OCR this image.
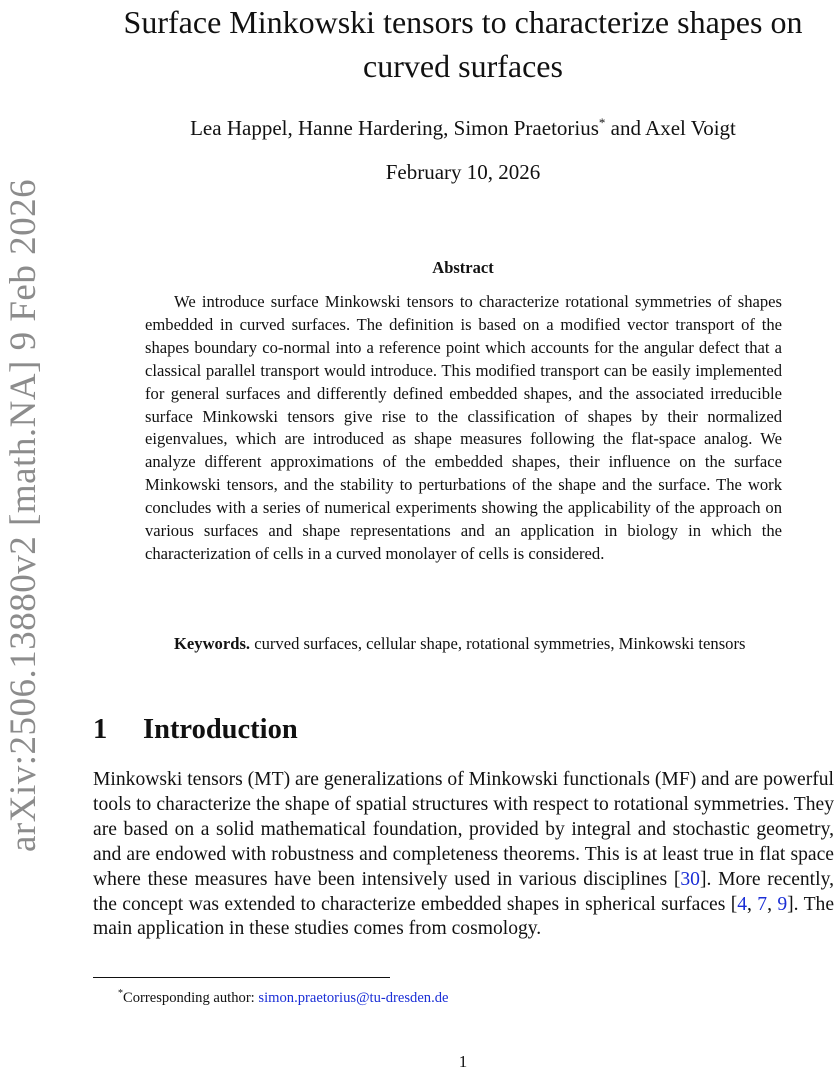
arXiv:2506.13880v2 [math.NA] 9 Feb 2026
Surface Minkowski tensors to characterize shapes on curved surfaces
Lea Happel, Hanne Hardering, Simon Praetorius* and Axel Voigt
February 10, 2026
Abstract

We introduce surface Minkowski tensors to characterize rotational symmetries of shapes embedded in curved surfaces. The definition is based on a modified vector transport of the shapes boundary co-normal into a reference point which accounts for the angular defect that a classical parallel transport would introduce. This modified transport can be easily implemented for general surfaces and differently defined embedded shapes, and the associated irreducible surface Minkowski tensors give rise to the classification of shapes by their normalized eigenvalues, which are introduced as shape measures following the flat-space analog. We analyze different approximations of the embedded shapes, their influence on the surface Minkowski tensors, and the stability to perturbations of the shape and the surface. The work concludes with a series of numerical experiments showing the applicability of the approach on various surfaces and shape representations and an application in biology in which the characterization of cells in a curved monolayer of cells is considered.

Keywords. curved surfaces, cellular shape, rotational symmetries, Minkowski tensors

1 Introduction

Minkowski tensors (MT) are generalizations of Minkowski functionals (MF) and are powerful tools to characterize the shape of spatial structures with respect to rotational symmetries. They are based on a solid mathematical foundation, provided by integral and stochastic geometry, and are endowed with robustness and completeness theorems. This is at least true in flat space where these measures have been intensively used in various disciplines [30]. More recently, the concept was extended to characterize embedded shapes in spherical surfaces [4, 7, 9]. The main application in these studies comes from cosmology.

*Corresponding author: simon.praetorius@tu-dresden.de
1
